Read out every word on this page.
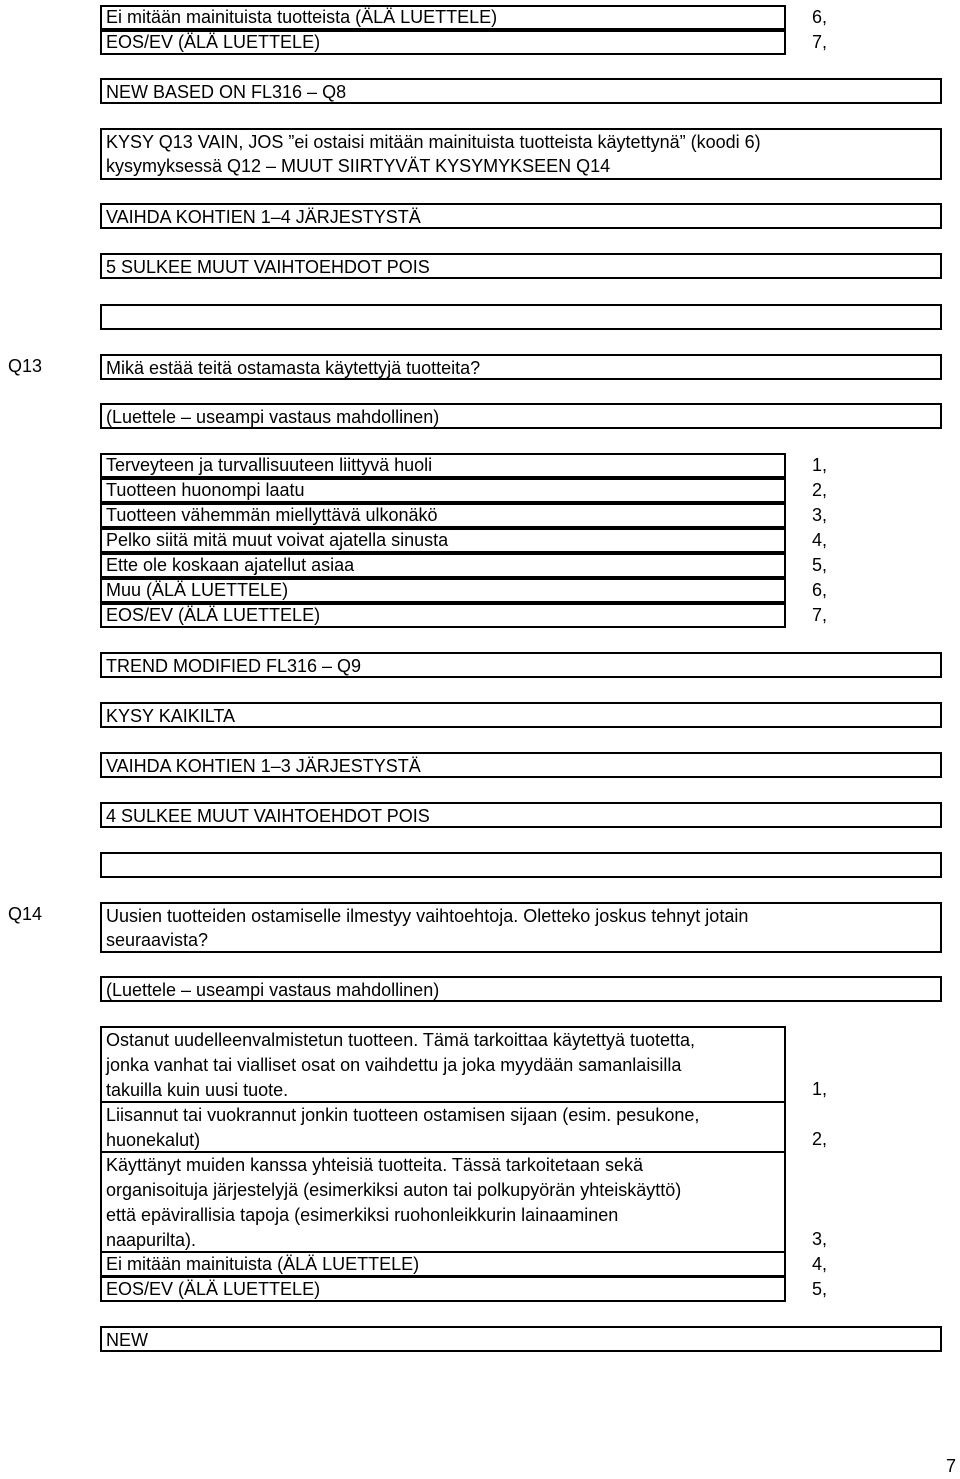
Ei mitään mainituista tuotteista (ÄLÄ LUETTELE)	6,
EOS/EV (ÄLÄ LUETTELE)	7,
NEW BASED ON FL316 – Q8
KYSY Q13 VAIN, JOS ”ei ostaisi mitään mainituista tuotteista käytettynä” (koodi 6)
kysymyksessä Q12 – MUUT SIIRTYVÄT KYSYMYKSEEN Q14
VAIHDA KOHTIEN 1–4 JÄRJESTYSTÄ
5 SULKEE MUUT VAIHTOEHDOT POIS
Q13	Mikä estää teitä ostamasta käytettyjä tuotteita?
(Luettele – useampi vastaus mahdollinen)
Terveyteen ja turvallisuuteen liittyvä huoli	1,
Tuotteen huonompi laatu	2,
Tuotteen vähemmän miellyttävä ulkonäkö	3,
Pelko siitä mitä muut voivat ajatella sinusta	4,
Ette ole koskaan ajatellut asiaa	5,
Muu (ÄLÄ LUETTELE)	6,
EOS/EV (ÄLÄ LUETTELE)	7,
TREND MODIFIED FL316 – Q9
KYSY KAIKILTA
VAIHDA KOHTIEN 1–3 JÄRJESTYSTÄ
4 SULKEE MUUT VAIHTOEHDOT POIS
Q14	Uusien tuotteiden ostamiselle ilmestyy vaihtoehtoja. Oletteko joskus tehnyt jotain
seuraavista?
(Luettele – useampi vastaus mahdollinen)
Ostanut uudelleenvalmistetun tuotteen. Tämä tarkoittaa käytettyä tuotetta,
jonka vanhat tai vialliset osat on vaihdettu ja joka myydään samanlaisilla
takuilla kuin uusi tuote.	1,
Liisannut tai vuokrannut jonkin tuotteen ostamisen sijaan (esim. pesukone,
huonekalut)	2,
Käyttänyt muiden kanssa yhteisiä tuotteita. Tässä tarkoitetaan sekä
organisoituja järjestelyjä (esimerkiksi auton tai polkupyörän yhteiskäyttö)
että epävirallisia tapoja (esimerkiksi ruohonleikkurin lainaaminen
naapurilta).	3,
Ei mitään mainituista (ÄLÄ LUETTELE)	4,
EOS/EV (ÄLÄ LUETTELE)	5,
NEW
7
